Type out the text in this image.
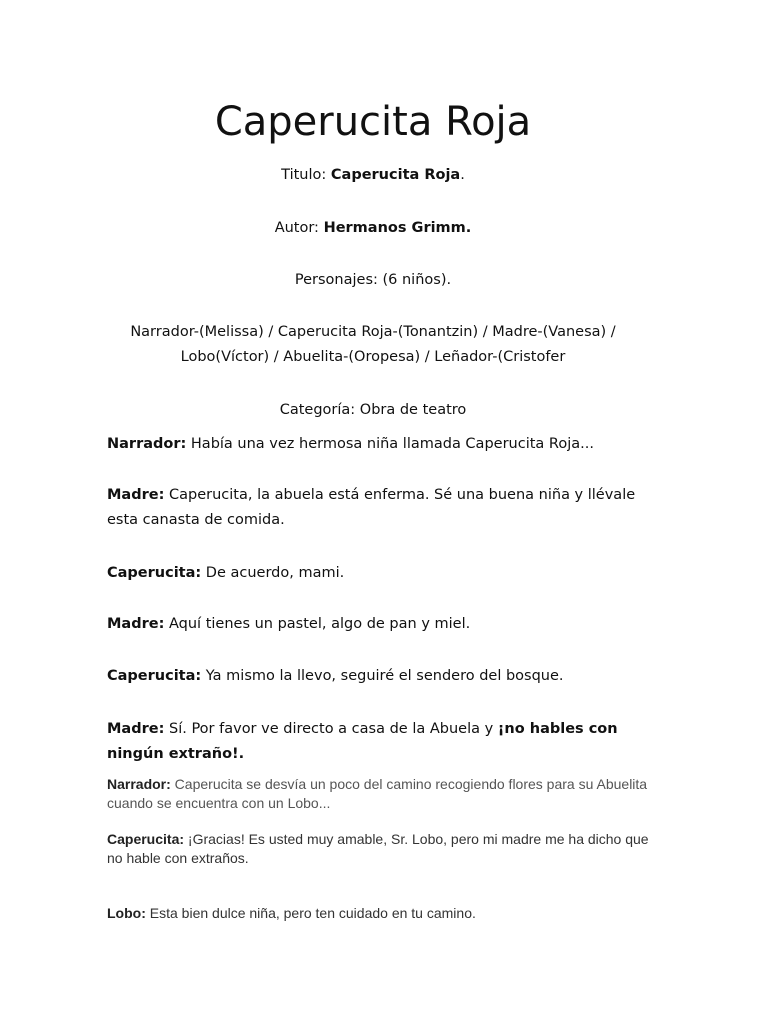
Caperucita Roja

Titulo: Caperucita Roja.

Autor: Hermanos Grimm.

Personajes: (6 niños).

Narrador-(Melissa) / Caperucita Roja-(Tonantzin) / Madre-(Vanesa) /

Lobo(Víctor) / Abuelita-(Oropesa) / Leñador-(Cristofer

Categoría: Obra de teatro

Narrador: Había una vez hermosa niña llamada Caperucita Roja...

Madre: Caperucita, la abuela está enferma. Sé una buena niña y llévale esta canasta de comida.

Caperucita: De acuerdo, mami.

Madre: Aquí tienes un pastel, algo de pan y miel.

Caperucita: Ya mismo la llevo, seguiré el sendero del bosque.

Madre: Sí. Por favor ve directo a casa de la Abuela y ¡no hables con ningún extraño!.

Narrador: Caperucita se desvía un poco del camino recogiendo flores para su Abuelita cuando se encuentra con un Lobo...

Caperucita: ¡Gracias! Es usted muy amable, Sr. Lobo, pero mi madre me ha dicho que no hable con extraños.

Lobo: Esta bien dulce niña, pero ten cuidado en tu camino.
